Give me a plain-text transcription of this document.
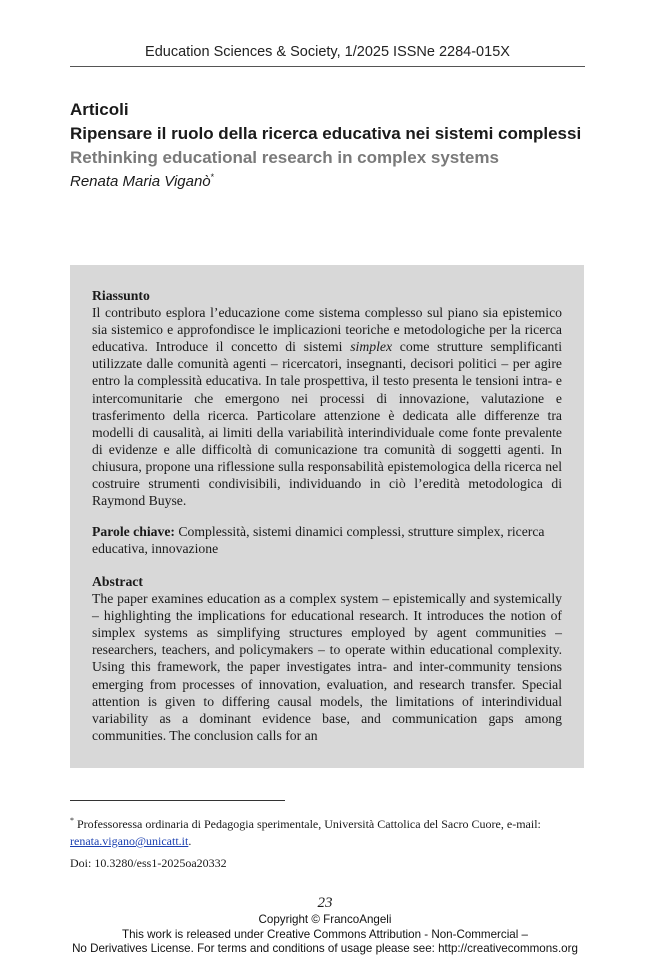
Education Sciences & Society, 1/2025 ISSNe 2284-015X
Articoli
Ripensare il ruolo della ricerca educativa nei sistemi complessi
Rethinking educational research in complex systems
Renata Maria Viganò*

Riassunto

Il contributo esplora l’educazione come sistema complesso sul piano sia epistemico sia sistemico e approfondisce le implicazioni teoriche e metodologiche per la ricerca educativa. Introduce il concetto di sistemi simplex come strutture semplificanti utilizzate dalle comunità agenti – ricercatori, insegnanti, decisori politici – per agire entro la complessità educativa. In tale prospettiva, il testo presenta le tensioni intra- e intercomunitarie che emergono nei processi di innovazione, valutazione e trasferimento della ricerca. Particolare attenzione è dedicata alle differenze tra modelli di causalità, ai limiti della variabilità interindividuale come fonte prevalente di evidenze e alle difficoltà di comunicazione tra comunità di soggetti agenti. In chiusura, propone una riflessione sulla responsabilità epistemologica della ricerca nel costruire strumenti condivisibili, individuando in ciò l’eredità metodologica di Raymond Buyse.

Parole chiave: Complessità, sistemi dinamici complessi, strutture simplex, ricerca educativa, innovazione

Abstract

The paper examines education as a complex system – epistemically and systemically – highlighting the implications for educational research. It introduces the notion of simplex systems as simplifying structures employed by agent communities – researchers, teachers, and policymakers – to operate within educational complexity. Using this framework, the paper investigates intra- and inter-community tensions emerging from processes of innovation, evaluation, and research transfer. Special attention is given to differing causal models, the limitations of interindividual variability as a dominant evidence base, and communication gaps among communities. The conclusion calls for an

* Professoressa ordinaria di Pedagogia sperimentale, Università Cattolica del Sacro Cuore, e-mail: renata.vigano@unicatt.it.
Doi: 10.3280/ess1-2025oa20332
23
Copyright © FrancoAngeli
This work is released under Creative Commons Attribution - Non-Commercial –
No Derivatives License. For terms and conditions of usage please see: http://creativecommons.org
